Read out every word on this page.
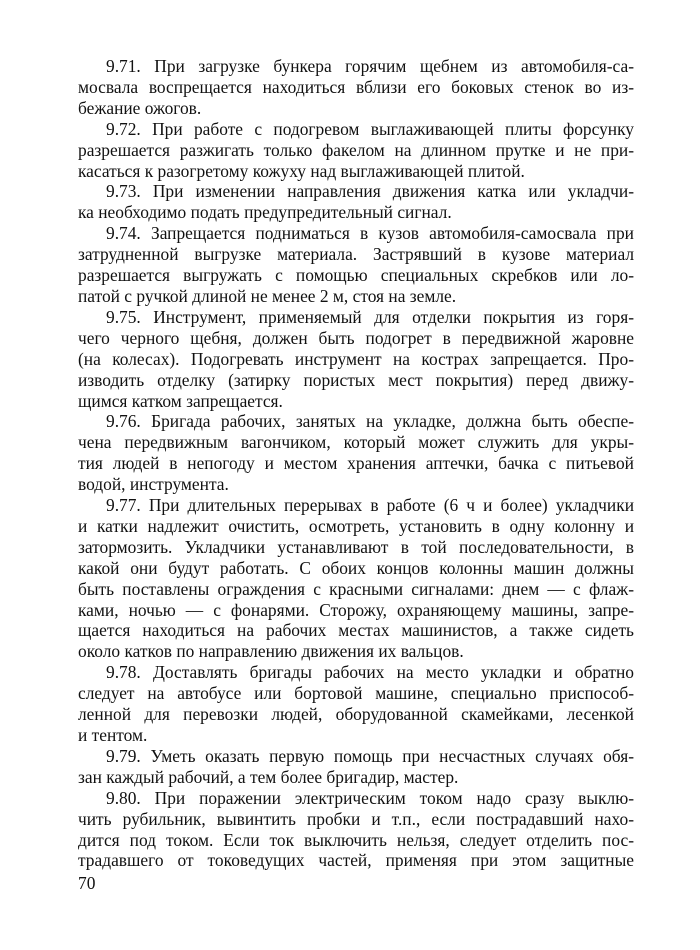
9.71. При загрузке бункера горячим щебнем из автомобиля-са-
мосвала воспрещается находиться вблизи его боковых стенок во из-
бежание ожогов.
9.72. При работе с подогревом выглаживающей плиты форсунку
разрешается разжигать только факелом на длинном прутке и не при-
касаться к разогретому кожуху над выглаживающей плитой.
9.73. При изменении направления движения катка или укладчи-
ка необходимо подать предупредительный сигнал.
9.74. Запрещается подниматься в кузов автомобиля-самосвала при
затрудненной выгрузке материала. Застрявший в кузове материал
разрешается выгружать с помощью специальных скребков или ло-
патой с ручкой длиной не менее 2 м, стоя на земле.
9.75. Инструмент, применяемый для отделки покрытия из горя-
чего черного щебня, должен быть подогрет в передвижной жаровне
(на колесах). Подогревать инструмент на кострах запрещается. Про-
изводить отделку (затирку пористых мест покрытия) перед движу-
щимся катком запрещается.
9.76. Бригада рабочих, занятых на укладке, должна быть обеспе-
чена передвижным вагончиком, который может служить для укры-
тия людей в непогоду и местом хранения аптечки, бачка с питьевой
водой, инструмента.
9.77. При длительных перерывах в работе (6 ч и более) укладчики
и катки надлежит очистить, осмотреть, установить в одну колонну и
затормозить. Укладчики устанавливают в той последовательности, в
какой они будут работать. С обоих концов колонны машин должны
быть поставлены ограждения с красными сигналами: днем — с флаж-
ками, ночью — с фонарями. Сторожу, охраняющему машины, запре-
щается находиться на рабочих местах машинистов, а также сидеть
около катков по направлению движения их вальцов.
9.78. Доставлять бригады рабочих на место укладки и обратно
следует на автобусе или бортовой машине, специально приспособ-
ленной для перевозки людей, оборудованной скамейками, лесенкой
и тентом.
9.79. Уметь оказать первую помощь при несчастных случаях обя-
зан каждый рабочий, а тем более бригадир, мастер.
9.80. При поражении электрическим током надо сразу выклю-
чить рубильник, вывинтить пробки и т.п., если пострадавший нахо-
дится под током. Если ток выключить нельзя, следует отделить пос-
традавшего от токоведущих частей, применяя при этом защитные
70
